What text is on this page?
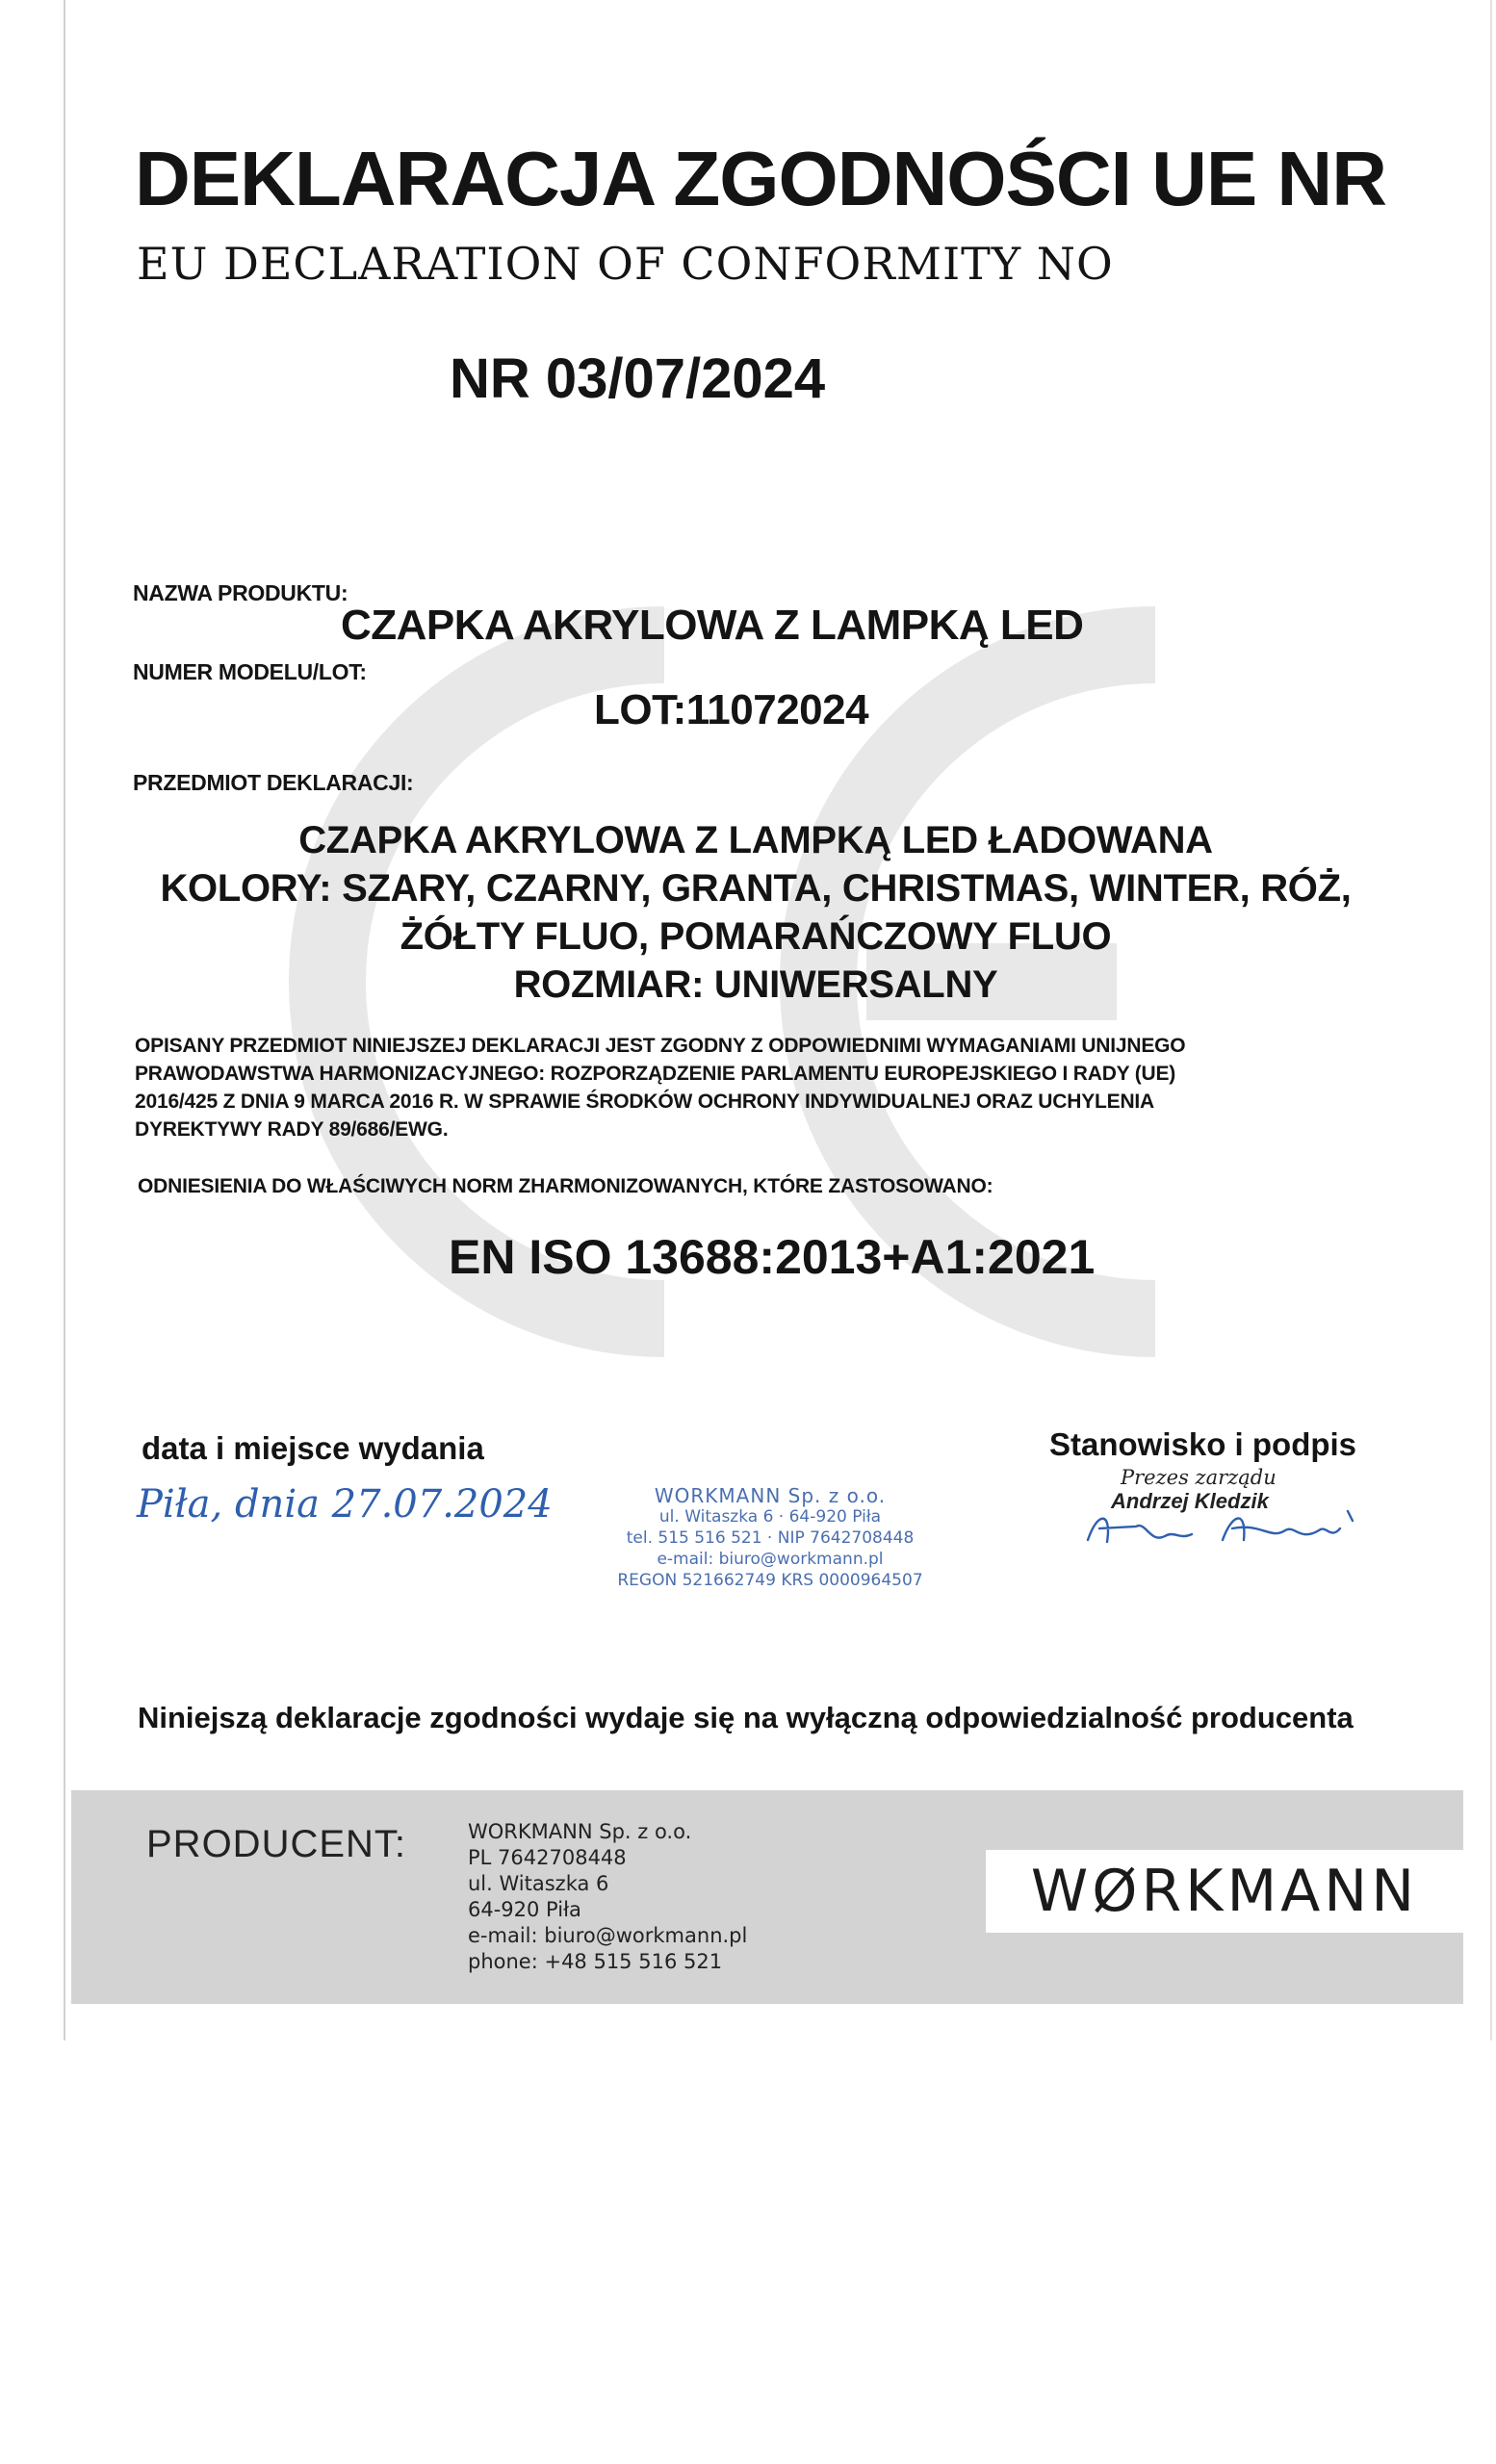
DEKLARACJA ZGODNOŚCI UE NR
EU DECLARATION OF CONFORMITY NO
NR 03/07/2024
NAZWA PRODUKTU:
CZAPKA AKRYLOWA Z LAMPKĄ LED
NUMER MODELU/LOT:
LOT:11072024
PRZEDMIOT DEKLARACJI:
CZAPKA AKRYLOWA Z LAMPKĄ LED ŁADOWANA
KOLORY: SZARY, CZARNY, GRANTA, CHRISTMAS, WINTER, RÓŻ,
ŻÓŁTY FLUO, POMARAŃCZOWY FLUO
ROZMIAR: UNIWERSALNY
OPISANY PRZEDMIOT NINIEJSZEJ DEKLARACJI JEST ZGODNY Z ODPOWIEDNIMI WYMAGANIAMI UNIJNEGO
PRAWODAWSTWA HARMONIZACYJNEGO: ROZPORZĄDZENIE PARLAMENTU EUROPEJSKIEGO I RADY (UE)
2016/425 Z DNIA 9 MARCA 2016 R. W SPRAWIE ŚRODKÓW OCHRONY INDYWIDUALNEJ ORAZ UCHYLENIA
DYREKTYWY RADY 89/686/EWG.
ODNIESIENIA DO WŁAŚCIWYCH NORM ZHARMONIZOWANYCH, KTÓRE ZASTOSOWANO:
EN ISO 13688:2013+A1:2021
data i miejsce wydania
Piła, dnia 27.07.2024	WORKMANN Sp. z o.o.
ul. Witaszka 6 · 64-920 Piła
tel. 515 516 521 · NIP 7642708448
e-mail: biuro@workmann.pl
REGON 521662749 KRS 0000964507
Stanowisko i podpis
Prezes zarządu
Andrzej Kledzik
Niniejszą deklaracje zgodności wydaje się na wyłączną odpowiedzialność producenta
PRODUCENT:	WORKMANN Sp. z o.o.
PL 7642708448
ul. Witaszka 6
64-920 Piła
e-mail: biuro@workmann.pl
phone: +48 515 516 521
WØRKMANN
